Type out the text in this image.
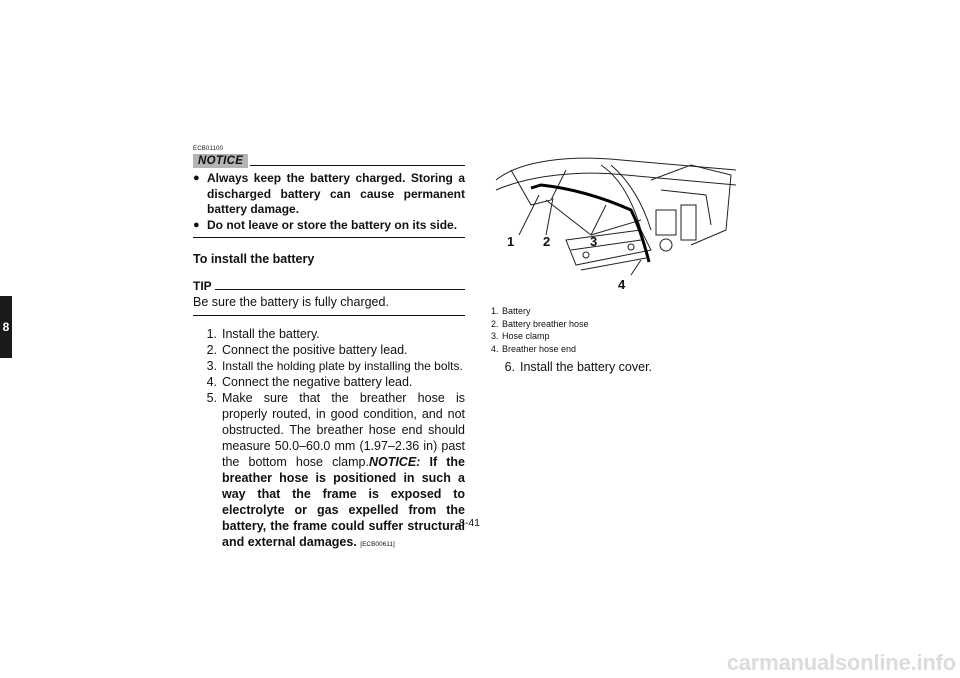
8
ECB01100
NOTICE
● Always keep the battery charged. Storing a discharged battery can cause permanent battery damage.
● Do not leave or store the battery on its side.
To install the battery
TIP
Be sure the battery is fully charged.
1. Install the battery.
2. Connect the positive battery lead.
3. Install the holding plate by installing the bolts.
4. Connect the negative battery lead.
5. Make sure that the breather hose is properly routed, in good condition, and not obstructed. The breather hose end should measure 50.0–60.0 mm (1.97–2.36 in) past the bottom hose clamp.NOTICE: If the breather hose is positioned in such a way that the frame is exposed to electrolyte or gas expelled from the battery, the frame could suffer structural and external damages. [ECB00611]
1 2	3
4
1. Battery
2. Battery breather hose
3. Hose clamp
4. Breather hose end
6. Install the battery cover.
8-41
carmanualsonline.info
